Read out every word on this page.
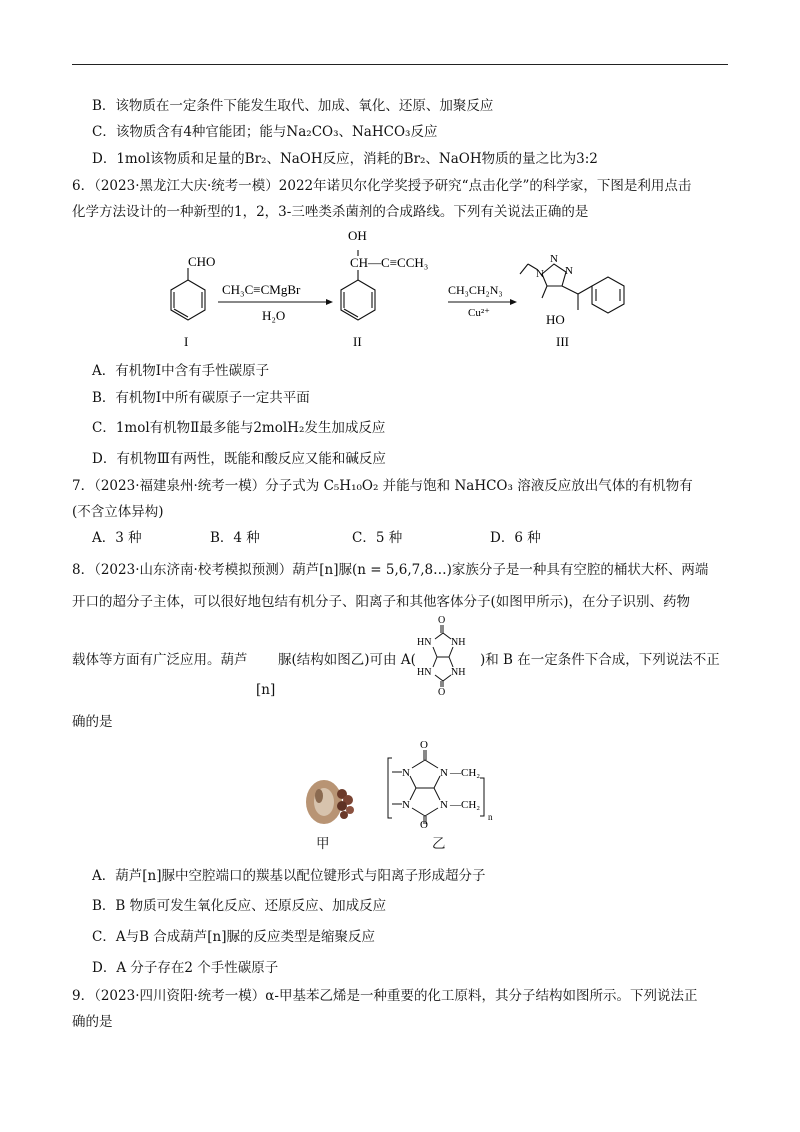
B．该物质在一定条件下能发生取代、加成、氧化、还原、加聚反应
C．该物质含有4种官能团；能与Na₂CO₃、NaHCO₃反应
D．1mol该物质和足量的Br₂、NaOH反应，消耗的Br₂、NaOH物质的量之比为3:2
6．（2023·黑龙江大庆·统考一模）2022年诺贝尔化学奖授予研究“点击化学”的科学家，下图是利用点击
化学方法设计的一种新型的1，2，3-三唑类杀菌剂的合成路线。下列有关说法正确的是
CHO
I
CH₃C≡CMgBr
H₂O
OH
CH—C≡CCH₃
II
CH₃CH₂N₃
Cu²⁺
N
N
N
HO
III
A．有机物Ⅰ中含有手性碳原子
B．有机物Ⅰ中所有碳原子一定共平面
C．1mol有机物Ⅱ最多能与2molH₂发生加成反应
D．有机物Ⅲ有两性，既能和酸反应又能和碱反应
7．（2023·福建泉州·统考一模）分子式为 C₅H₁₀O₂ 并能与饱和 NaHCO₃ 溶液反应放出气体的有机物有
(不含立体异构)
A．3 种	B．4 种	C．5 种	D．6 种
8．（2023·山东济南·校考模拟预测）葫芦[n]脲(n = 5,6,7,8…)家族分子是一种具有空腔的桶状大杯、两端
开口的超分子主体，可以很好地包结有机分子、阳离子和其他客体分子(如图甲所示)，在分子识别、药物
载体等方面有广泛应用。葫芦 脲(结构如图乙)可由 A(	)和 B 在一定条件下合成，下列说法不正
[n]
O
HN NH
HN NH
O
确的是
O
N	N
N	N
—CH₂
—CH₂
O
n
甲	乙
A．葫芦[n]脲中空腔端口的羰基以配位键形式与阳离子形成超分子
B．B 物质可发生氧化反应、还原反应、加成反应
C．A与B 合成葫芦[n]脲的反应类型是缩聚反应
D．A 分子存在2 个手性碳原子
9．（2023·四川资阳·统考一模）α-甲基苯乙烯是一种重要的化工原料，其分子结构如图所示。下列说法正
确的是
